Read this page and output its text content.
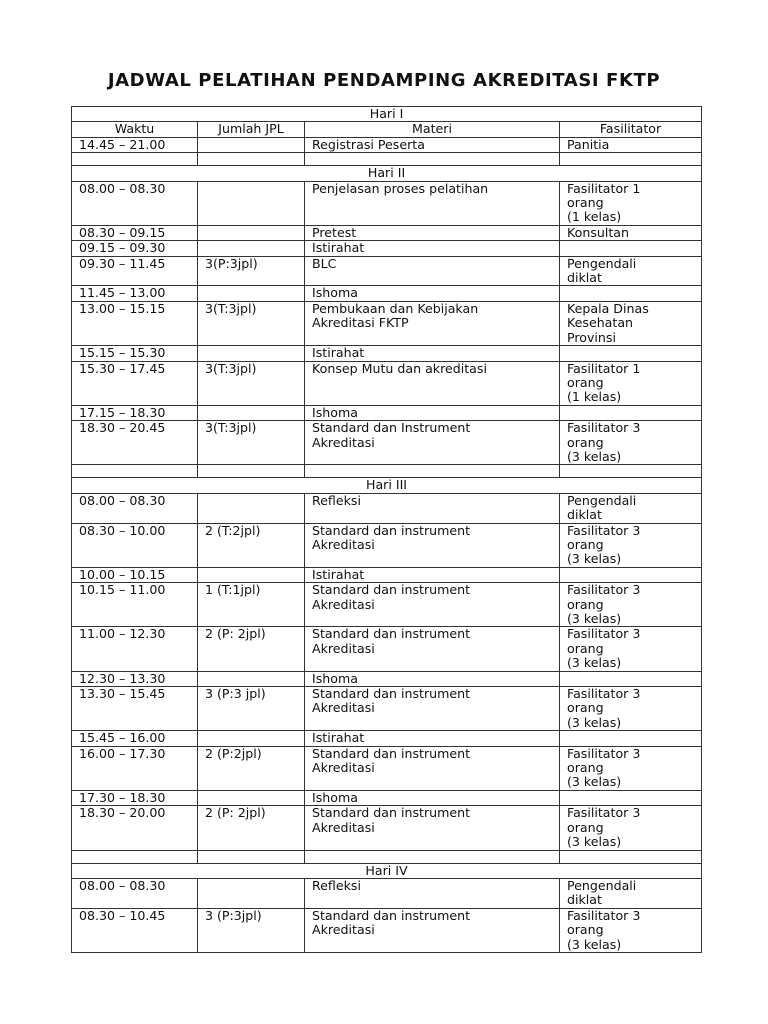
JADWAL PELATIHAN PENDAMPING AKREDITASI FKTP
Hari I			
Waktu	Jumlah JPL	Materi	Fasilitator
14.45 – 21.00		Registrasi Peserta	Panitia

Hari II			
08.00 – 08.30		Penjelasan proses pelatihan	Fasilitator 1
orang
(1 kelas)
08.30 – 09.15		Pretest	Konsultan
09.15 – 09.30		Istirahat	
09.30 – 11.45	3(P:3jpl)	BLC	Pengendali
diklat
11.45 – 13.00		Ishoma	
13.00 – 15.15	3(T:3jpl)	Pembukaan dan Kebijakan
Akreditasi FKTP	Kepala Dinas
Kesehatan
Provinsi
15.15 – 15.30		Istirahat	
15.30 – 17.45	3(T:3jpl)	Konsep Mutu dan akreditasi	Fasilitator 1
orang
(1 kelas)
17.15 – 18.30		Ishoma	
18.30 – 20.45	3(T:3jpl)	Standard dan Instrument
Akreditasi	Fasilitator 3
orang
(3 kelas)

Hari III			
08.00 – 08.30		Refleksi	Pengendali
diklat
08.30 – 10.00	2 (T:2jpl)	Standard dan instrument
Akreditasi	Fasilitator 3
orang
(3 kelas)
10.00 – 10.15		Istirahat	
10.15 – 11.00	1 (T:1jpl)	Standard dan instrument
Akreditasi	Fasilitator 3
orang
(3 kelas)
11.00 – 12.30	2 (P: 2jpl)	Standard dan instrument
Akreditasi	Fasilitator 3
orang
(3 kelas)
12.30 – 13.30		Ishoma	
13.30 – 15.45	3 (P:3 jpl)	Standard dan instrument
Akreditasi	Fasilitator 3
orang
(3 kelas)
15.45 – 16.00		Istirahat	
16.00 – 17.30	2 (P:2jpl)	Standard dan instrument
Akreditasi	Fasilitator 3
orang
(3 kelas)
17.30 – 18.30		Ishoma	
18.30 – 20.00	2 (P: 2jpl)	Standard dan instrument
Akreditasi	Fasilitator 3
orang
(3 kelas)

Hari IV			
08.00 – 08.30		Refleksi	Pengendali
diklat
08.30 – 10.45	3 (P:3jpl)	Standard dan instrument
Akreditasi	Fasilitator 3
orang
(3 kelas)
